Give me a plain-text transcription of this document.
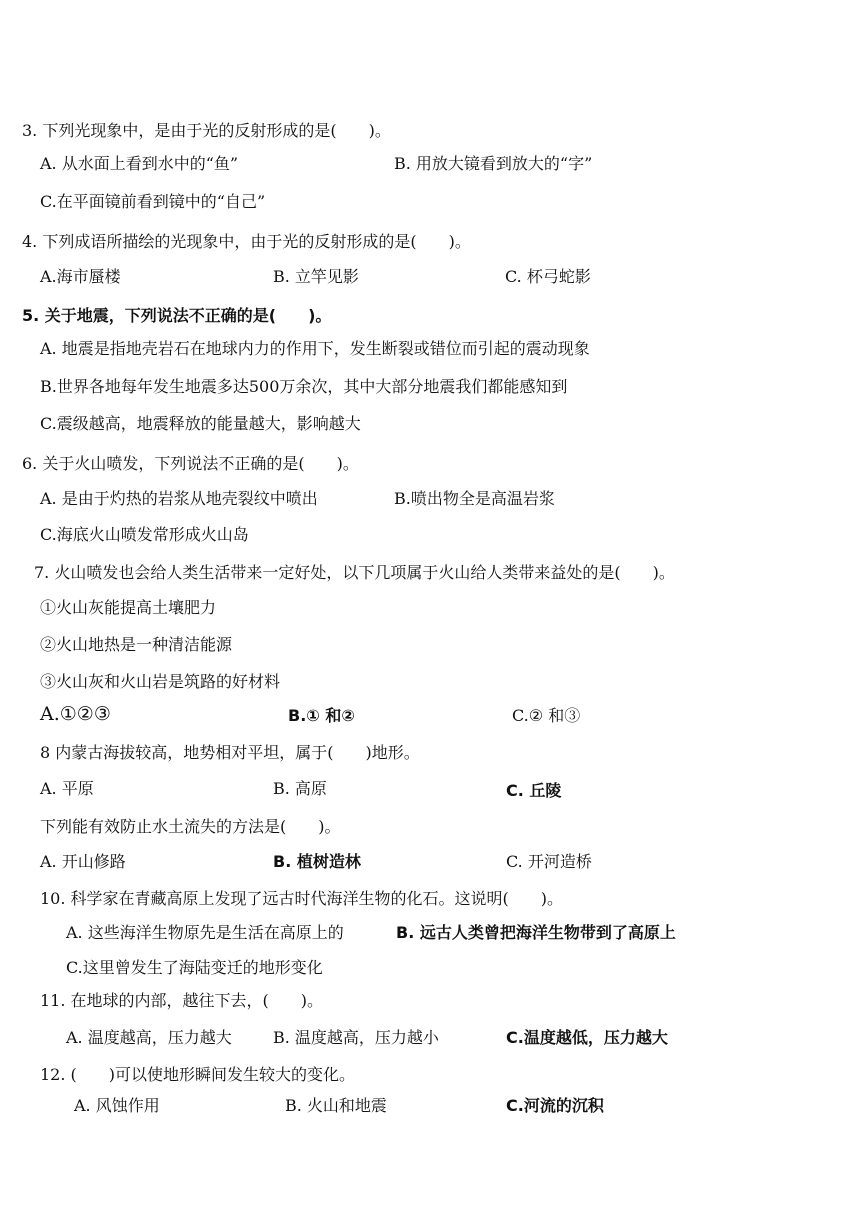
3. 下列光现象中，是由于光的反射形成的是(　　)。
A. 从水面上看到水中的“鱼”	B. 用放大镜看到放大的“字”
C.在平面镜前看到镜中的“自己”
4. 下列成语所描绘的光现象中，由于光的反射形成的是(　　)。
A.海市蜃楼	B. 立竿见影	C. 杯弓蛇影
5. 关于地震，下列说法不正确的是(　　)。
A. 地震是指地壳岩石在地球内力的作用下，发生断裂或错位而引起的震动现象
B.世界各地每年发生地震多达500万余次，其中大部分地震我们都能感知到
C.震级越高，地震释放的能量越大，影响越大
6. 关于火山喷发，下列说法不正确的是(　　)。
A. 是由于灼热的岩浆从地壳裂纹中喷出	B.喷出物全是高温岩浆
C.海底火山喷发常形成火山岛
7. 火山喷发也会给人类生活带来一定好处，以下几项属于火山给人类带来益处的是(　　)。
①火山灰能提高土壤肥力
②火山地热是一种清洁能源
③火山灰和火山岩是筑路的好材料
A.①②③	B.① 和②	C.② 和③
8 内蒙古海拔较高，地势相对平坦，属于(　　)地形。
A. 平原	B. 高原	C. 丘陵
下列能有效防止水土流失的方法是(　　)。
A. 开山修路	B. 植树造林	C. 开河造桥
10. 科学家在青藏高原上发现了远古时代海洋生物的化石。这说明(　　)。
A. 这些海洋生物原先是生活在高原上的	B. 远古人类曾把海洋生物带到了高原上
C.这里曾发生了海陆变迁的地形变化
11. 在地球的内部，越往下去，(　　)。
A. 温度越高，压力越大	B. 温度越高，压力越小	C.温度越低，压力越大
12. (　　)可以使地形瞬间发生较大的变化。
A. 风蚀作用	B. 火山和地震	C.河流的沉积
